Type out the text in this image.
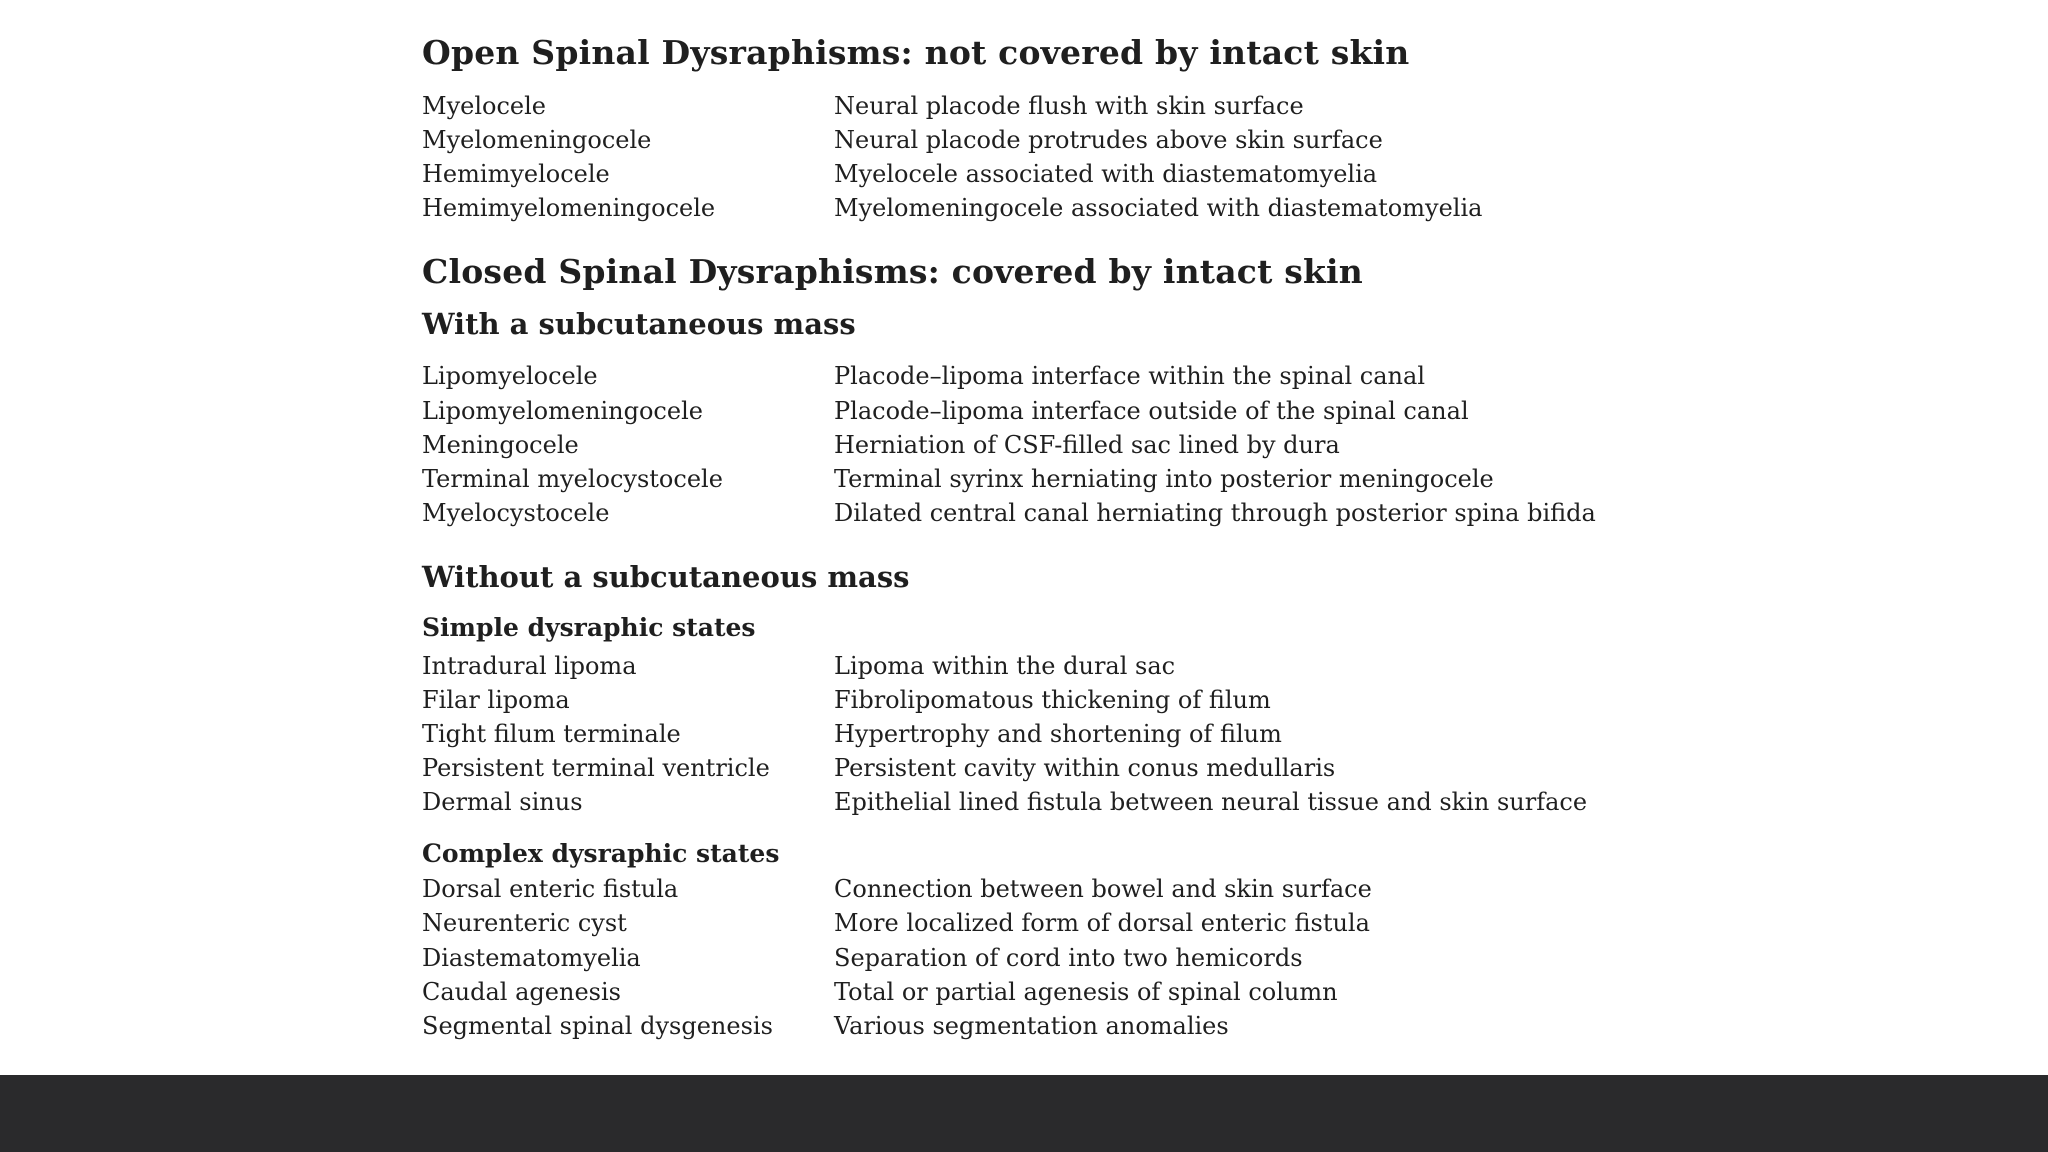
Open Spinal Dysraphisms: not covered by intact skin
Myelocele	Neural placode flush with skin surface
Myelomeningocele	Neural placode protrudes above skin surface
Hemimyelocele	Myelocele associated with diastematomyelia
Hemimyelomeningocele	Myelomeningocele associated with diastematomyelia
Closed Spinal Dysraphisms: covered by intact skin
With a subcutaneous mass
Lipomyelocele	Placode–lipoma interface within the spinal canal
Lipomyelomeningocele	Placode–lipoma interface outside of the spinal canal
Meningocele	Herniation of CSF-filled sac lined by dura
Terminal myelocystocele	Terminal syrinx herniating into posterior meningocele
Myelocystocele	Dilated central canal herniating through posterior spina bifida
Without a subcutaneous mass
Simple dysraphic states
Intradural lipoma	Lipoma within the dural sac
Filar lipoma	Fibrolipomatous thickening of filum
Tight filum terminale	Hypertrophy and shortening of filum
Persistent terminal ventricle	Persistent cavity within conus medullaris
Dermal sinus	Epithelial lined fistula between neural tissue and skin surface
Complex dysraphic states
Dorsal enteric fistula	Connection between bowel and skin surface
Neurenteric cyst	More localized form of dorsal enteric fistula
Diastematomyelia	Separation of cord into two hemicords
Caudal agenesis	Total or partial agenesis of spinal column
Segmental spinal dysgenesis	Various segmentation anomalies
